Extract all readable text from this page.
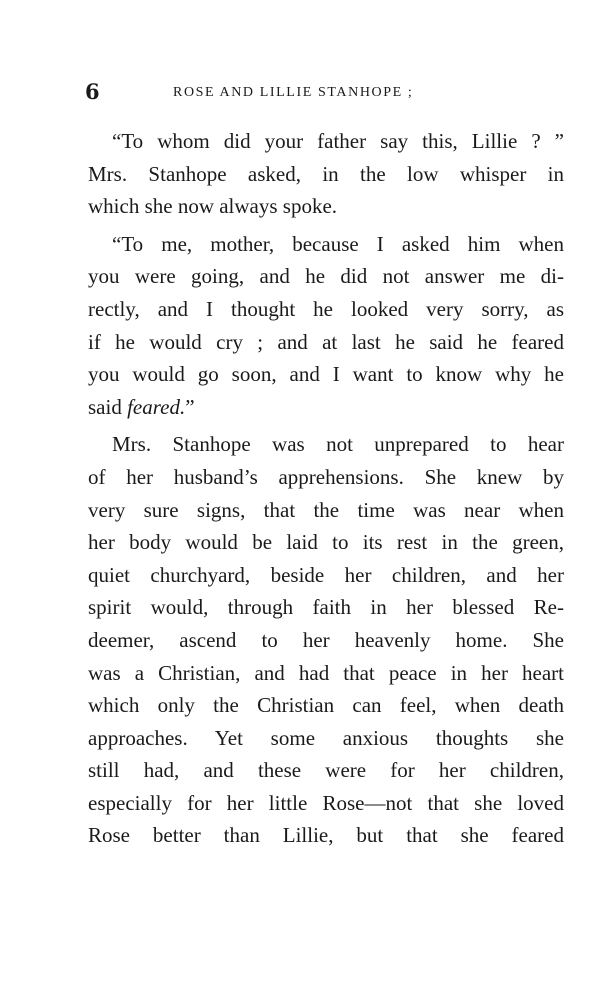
6	ROSE AND LILLIE STANHOPE ;

“To whom did your father say this, Lillie ? ”
Mrs. Stanhope asked, in the low whisper in
which she now always spoke.

“To me, mother, because I asked him when
you were going, and he did not answer me di-
rectly, and I thought he looked very sorry, as
if he would cry ; and at last he said he feared
you would go soon, and I want to know why he
said feared.”

Mrs. Stanhope was not unprepared to hear
of her husband’s apprehensions. She knew by
very sure signs, that the time was near when
her body would be laid to its rest in the green,
quiet churchyard, beside her children, and her
spirit would, through faith in her blessed Re-
deemer, ascend to her heavenly home. She
was a Christian, and had that peace in her heart
which only the Christian can feel, when death
approaches. Yet some anxious thoughts she
still had, and these were for her children,
especially for her little Rose—not that she loved
Rose better than Lillie, but that she feared
